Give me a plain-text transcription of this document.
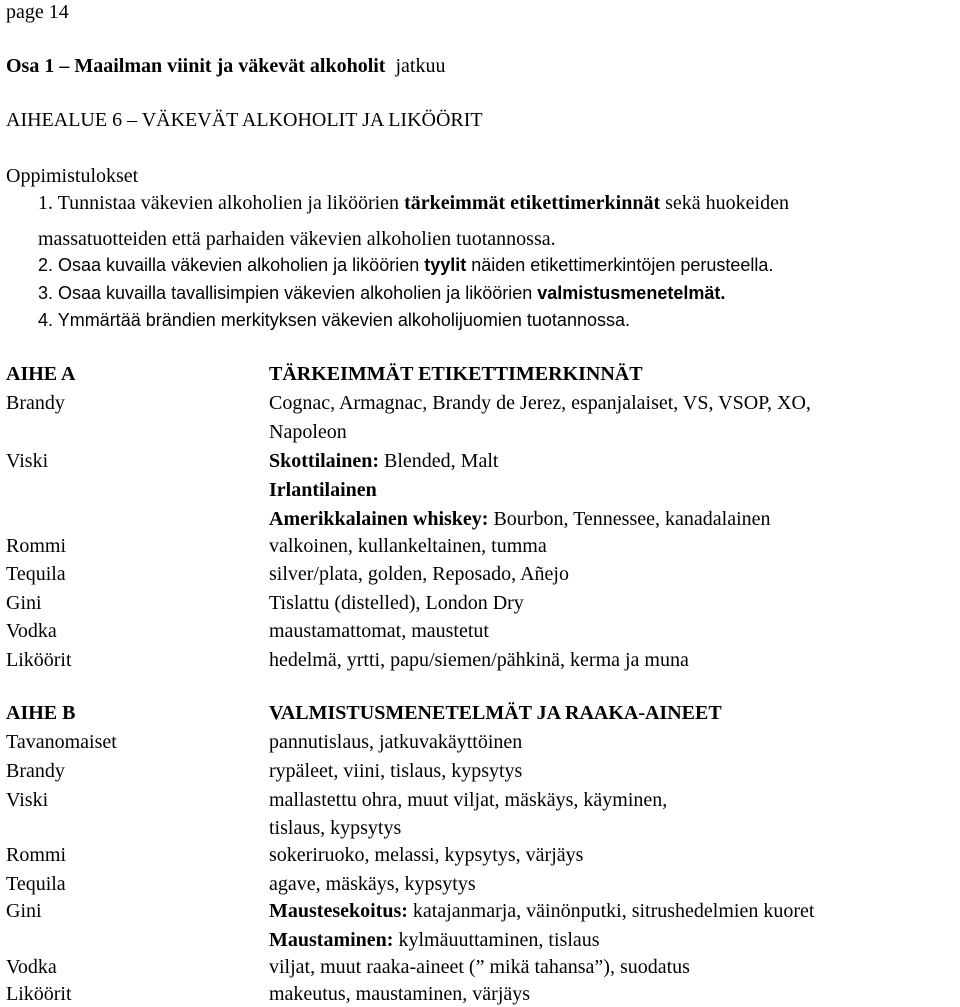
page 14
Osa 1 – Maailman viinit ja väkevät alkoholit jatkuu
AIHEALUE 6 – VÄKEVÄT ALKOHOLIT JA LIKÖÖRIT
Oppimistulokset
1. Tunnistaa väkevien alkoholien ja liköörien tärkeimmät etikettimerkinnät sekä huokeiden
massatuotteiden että parhaiden väkevien alkoholien tuotannossa.
2. Osaa kuvailla väkevien alkoholien ja liköörien tyylit näiden etikettimerkintöjen perusteella.
3. Osaa kuvailla tavallisimpien väkevien alkoholien ja liköörien valmistusmenetelmät.
4. Ymmärtää brändien merkityksen väkevien alkoholijuomien tuotannossa.
AIHE A	TÄRKEIMMÄT ETIKETTIMERKINNÄT
Brandy	Cognac, Armagnac, Brandy de Jerez, espanjalaiset, VS, VSOP, XO,
Napoleon
Viski	Skottilainen: Blended, Malt
Irlantilainen
Amerikkalainen whiskey: Bourbon, Tennessee, kanadalainen
Rommi	valkoinen, kullankeltainen, tumma
Tequila	silver/plata, golden, Reposado, Añejo
Gini	Tislattu (distelled), London Dry
Vodka	maustamattomat, maustetut
Liköörit	hedelmä, yrtti, papu/siemen/pähkinä, kerma ja muna
AIHE B	VALMISTUSMENETELMÄT JA RAAKA-AINEET
Tavanomaiset	pannutislaus, jatkuvakäyttöinen
Brandy	rypäleet, viini, tislaus, kypsytys
Viski	mallastettu ohra, muut viljat, mäskäys, käyminen,
tislaus, kypsytys
Rommi	sokeriruoko, melassi, kypsytys, värjäys
Tequila	agave, mäskäys, kypsytys
Gini	Maustesekoitus: katajanmarja, väinönputki, sitrushedelmien kuoret
Maustaminen: kylmäuuttaminen, tislaus
Vodka	viljat, muut raaka-aineet (” mikä tahansa”), suodatus
Liköörit	makeutus, maustaminen, värjäys
